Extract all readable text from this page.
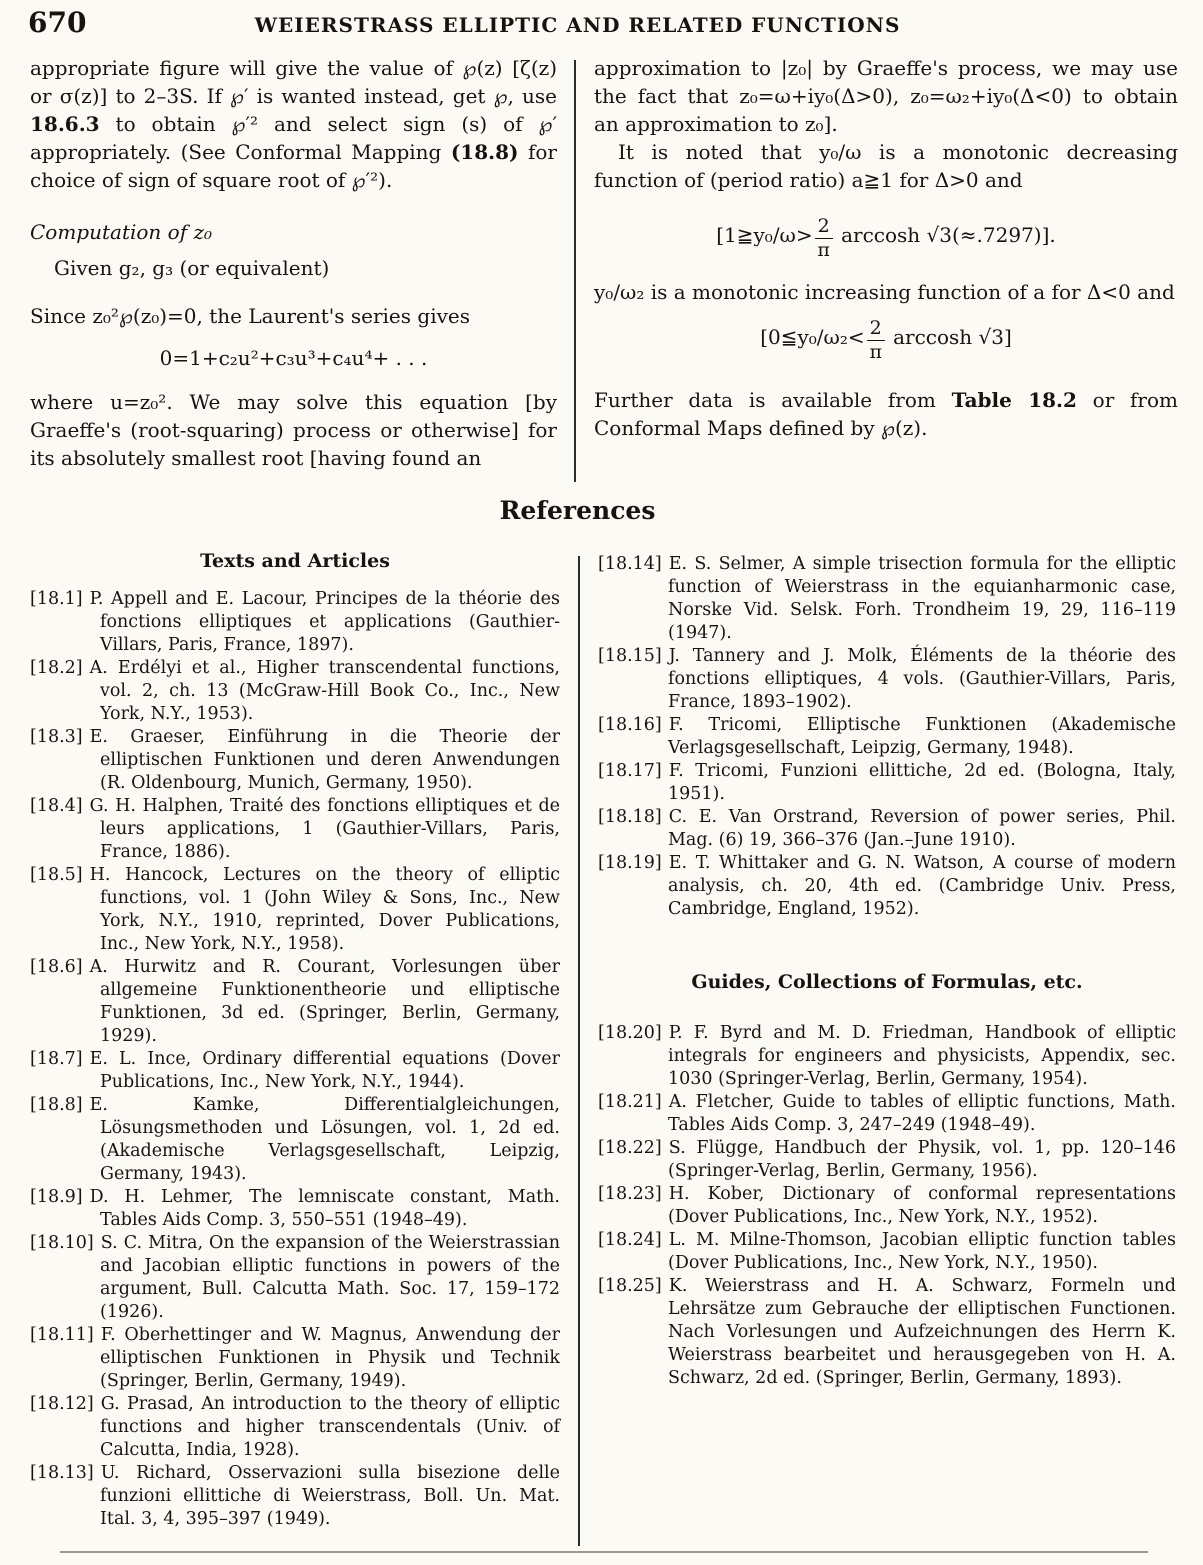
670	WEIERSTRASS ELLIPTIC AND RELATED FUNCTIONS
appropriate figure will give the value of ℘(z) [ζ(z) or σ(z)] to 2–3S. If ℘′ is wanted instead, get ℘, use 18.6.3 to obtain ℘′² and select sign (s) of ℘′ appropriately. (See Conformal Mapping (18.8) for choice of sign of square root of ℘′²).
Computation of z₀
Given g₂, g₃ (or equivalent)
Since z₀²℘(z₀)=0, the Laurent's series gives
0=1+c₂u²+c₃u³+c₄u⁴+ . . .
where u=z₀². We may solve this equation [by Graeffe's (root-squaring) process or otherwise] for its absolutely smallest root [having found an
approximation to |z₀| by Graeffe's process, we may use the fact that z₀=ω+iy₀(Δ>0), z₀=ω₂+iy₀(Δ<0) to obtain an approximation to z₀].
It is noted that y₀/ω is a monotonic decreasing function of (period ratio) a≧1 for Δ>0 and
[1≧y₀/ω> $\frac{2}{\pi}$ arccosh √3(≈.7297)].
y₀/ω₂ is a monotonic increasing function of a for Δ<0 and
[0≦y₀/ω₂< $\frac{2}{\pi}$ arccosh √3]
Further data is available from Table 18.2 or from Conformal Maps defined by ℘(z).
References
Texts and Articles
[18.1] P. Appell and E. Lacour, Principes de la théorie des fonctions elliptiques et applications (Gauthier-Villars, Paris, France, 1897).
[18.2] A. Erdélyi et al., Higher transcendental functions, vol. 2, ch. 13 (McGraw-Hill Book Co., Inc., New York, N.Y., 1953).
[18.3] E. Graeser, Einführung in die Theorie der elliptischen Funktionen und deren Anwendungen (R. Oldenbourg, Munich, Germany, 1950).
[18.4] G. H. Halphen, Traité des fonctions elliptiques et de leurs applications, 1 (Gauthier-Villars, Paris, France, 1886).
[18.5] H. Hancock, Lectures on the theory of elliptic functions, vol. 1 (John Wiley & Sons, Inc., New York, N.Y., 1910, reprinted, Dover Publications, Inc., New York, N.Y., 1958).
[18.6] A. Hurwitz and R. Courant, Vorlesungen über allgemeine Funktionentheorie und elliptische Funktionen, 3d ed. (Springer, Berlin, Germany, 1929).
[18.7] E. L. Ince, Ordinary differential equations (Dover Publications, Inc., New York, N.Y., 1944).
[18.8] E. Kamke, Differentialgleichungen, Lösungsmethoden und Lösungen, vol. 1, 2d ed. (Akademische Verlagsgesellschaft, Leipzig, Germany, 1943).
[18.9] D. H. Lehmer, The lemniscate constant, Math. Tables Aids Comp. 3, 550–551 (1948–49).
[18.10] S. C. Mitra, On the expansion of the Weierstrassian and Jacobian elliptic functions in powers of the argument, Bull. Calcutta Math. Soc. 17, 159–172 (1926).
[18.11] F. Oberhettinger and W. Magnus, Anwendung der elliptischen Funktionen in Physik und Technik (Springer, Berlin, Germany, 1949).
[18.12] G. Prasad, An introduction to the theory of elliptic functions and higher transcendentals (Univ. of Calcutta, India, 1928).
[18.13] U. Richard, Osservazioni sulla bisezione delle funzioni ellittiche di Weierstrass, Boll. Un. Mat. Ital. 3, 4, 395–397 (1949).
[18.14] E. S. Selmer, A simple trisection formula for the elliptic function of Weierstrass in the equianharmonic case, Norske Vid. Selsk. Forh. Trondheim 19, 29, 116–119 (1947).
[18.15] J. Tannery and J. Molk, Éléments de la théorie des fonctions elliptiques, 4 vols. (Gauthier-Villars, Paris, France, 1893–1902).
[18.16] F. Tricomi, Elliptische Funktionen (Akademische Verlagsgesellschaft, Leipzig, Germany, 1948).
[18.17] F. Tricomi, Funzioni ellittiche, 2d ed. (Bologna, Italy, 1951).
[18.18] C. E. Van Orstrand, Reversion of power series, Phil. Mag. (6) 19, 366–376 (Jan.–June 1910).
[18.19] E. T. Whittaker and G. N. Watson, A course of modern analysis, ch. 20, 4th ed. (Cambridge Univ. Press, Cambridge, England, 1952).
Guides, Collections of Formulas, etc.
[18.20] P. F. Byrd and M. D. Friedman, Handbook of elliptic integrals for engineers and physicists, Appendix, sec. 1030 (Springer-Verlag, Berlin, Germany, 1954).
[18.21] A. Fletcher, Guide to tables of elliptic functions, Math. Tables Aids Comp. 3, 247–249 (1948–49).
[18.22] S. Flügge, Handbuch der Physik, vol. 1, pp. 120–146 (Springer-Verlag, Berlin, Germany, 1956).
[18.23] H. Kober, Dictionary of conformal representations (Dover Publications, Inc., New York, N.Y., 1952).
[18.24] L. M. Milne-Thomson, Jacobian elliptic function tables (Dover Publications, Inc., New York, N.Y., 1950).
[18.25] K. Weierstrass and H. A. Schwarz, Formeln und Lehrsätze zum Gebrauche der elliptischen Functionen. Nach Vorlesungen und Aufzeichnungen des Herrn K. Weierstrass bearbeitet und herausgegeben von H. A. Schwarz, 2d ed. (Springer, Berlin, Germany, 1893).
